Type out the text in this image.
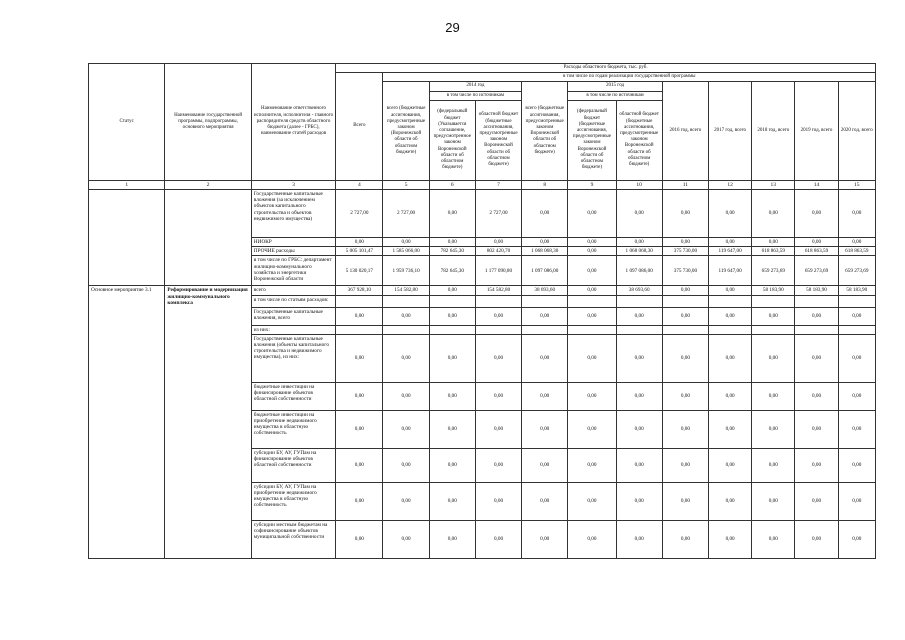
29
Статус	Наименование государственной программы, подпрограммы, основного мероприятия	Наименование ответственного исполнителя, исполнителя - главного распорядителя средств областного бюджета (далее - ГРБС), наименование статей расходов	Расходы областного бюджета, тыс. руб.											
			Всего	в том числе по годам реализации государственной программы										
				всего (бюджетные ассигнования, предусмотренные законом (Воронежской области об областном бюджете)	2014 год		всего (бюджетные ассигнования, предусмотренные законом Воронежской области об областном бюджете)	2015 год		2016 год, всего	2017 год, всего	2018 год, всего	2019 год, всего	2020 год, всего
					в том числе по источникам			в том числе по источникам						
					(федеральный бюджет (Указывается соглашение, предусмотренное законом Воронежской области об областном бюджете)	областной бюджет (бюджетные ассигнования, предусмотренные законом Воронежской области об областном бюджете)		(федеральный бюджет (бюджетные ассигнования, предусмотренные законом Воронежской области об областном бюджете)	областной бюджет (бюджетные ассигнования, предусмотренные законом Воронежской области об областном бюджете)					
1	2	3	4	5	6	7	8	9	10	11	12	13	14	15
		Государственные капитальные вложения (за исключением объектов капитального строительства и объектов недвижимого имущества)	2 727,00	2 727,00	0,00	2 727,00	0,00	0,00	0,00	0,00	0,00	0,00	0,00	0,00
		НИОКР	0,00	0,00	0,00	0,00	0,00	0,00	0,00	0,00	0,00	0,00	0,00	0,00
		ПРОЧИЕ расходы	5 005 101,47	1 585 066,00	782 645,30	802 420,70	1 068 068,30	0,00	1 068 068,30	375 730,00	119 647,00	618 863,59	618 863,59	618 863,59
		в том числе по ГРБС: департамент жилищно-коммунального хозяйства и энергетики Воронежской области	5 130 020,17	1 959 736,10	782 645,30	1 177 090,80	1 097 086,00	0,00	1 097 086,00	375 730,00	119 647,00	659 273,69	659 273,69	659 273,69
Основное мероприятие 3.1	Реформирование и модернизация жилищно-коммунального комплекса	всего	367 928,10	154 582,80	0,00	154 582,80	38 693,60	0,00	38 693,60	0,00	0,00	58 183,90	58 183,90	58 183,90
		в том числе по статьям расходов:												
		Государственные капитальные вложения, всего	0,00	0,00	0,00	0,00	0,00	0,00	0,00	0,00	0,00	0,00	0,00	0,00
		из них:												
		Государственные капитальные вложения (объекты капитального строительства и недвижимого имущества), из них:	0,00	0,00	0,00	0,00	0,00	0,00	0,00	0,00	0,00	0,00	0,00	0,00
		бюджетные инвестиции на финансирование объектов областной собственности	0,00	0,00	0,00	0,00	0,00	0,00	0,00	0,00	0,00	0,00	0,00	0,00
		бюджетные инвестиции на приобретение недвижимого имущества в областную собственность	0,00	0,00	0,00	0,00	0,00	0,00	0,00	0,00	0,00	0,00	0,00	0,00
		субсидии БУ, АУ, ГУПам на финансирование объектов областной собственности	0,00	0,00	0,00	0,00	0,00	0,00	0,00	0,00	0,00	0,00	0,00	0,00
		субсидии БУ, АУ, ГУПам на приобретение недвижимого имущества в областную собственность	0,00	0,00	0,00	0,00	0,00	0,00	0,00	0,00	0,00	0,00	0,00	0,00
		субсидии местным бюджетам на софинансирование объектов муниципальной собственности	0,00	0,00	0,00	0,00	0,00	0,00	0,00	0,00	0,00	0,00	0,00	0,00
